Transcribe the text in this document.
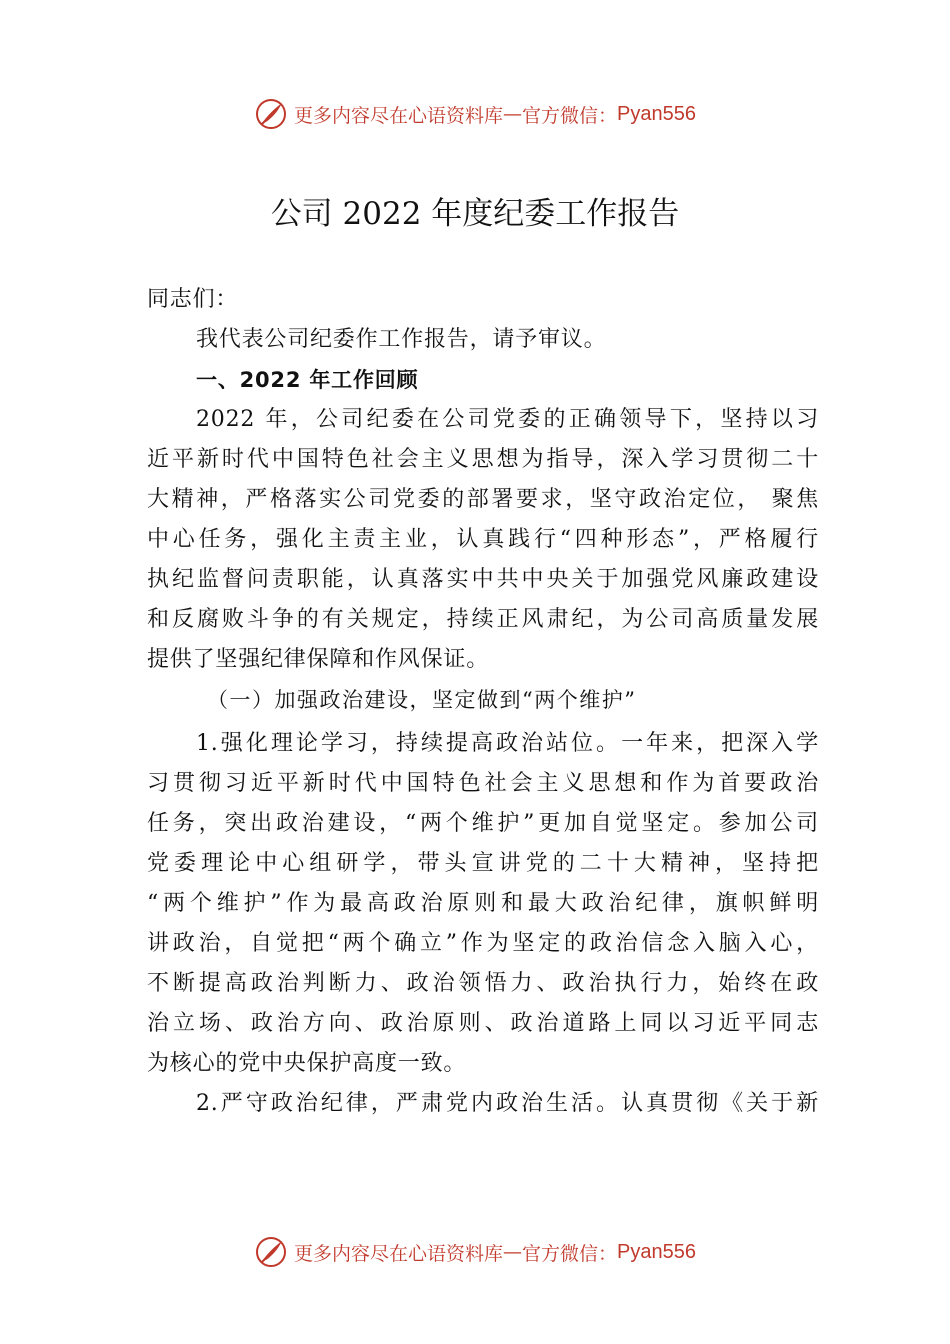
更多内容尽在心语资料库 — 官方微信： Pyan556
公司 2022 年度纪委工作报告
同志们：
我代表公司纪委作工作报告，请予审议。
一、2022 年工作回顾
2022 年，公司纪委在公司党委的正确领导下，坚持以习
近平新时代中国特色社会主义思想为指导，深入学习贯彻二十
大精神，严格落实公司党委的部署要求，坚守政治定位， 聚焦
中心任务，强化主责主业，认真践行“四种形态”，严格履行
执纪监督问责职能，认真落实中共中央关于加强党风廉政建设
和反腐败斗争的有关规定，持续正风肃纪，为公司高质量发展
提供了坚强纪律保障和作风保证。
（一）加强政治建设，坚定做到“两个维护”
1.强化理论学习，持续提高政治站位。一年来，把深入学
习贯彻习近平新时代中国特色社会主义思想和作为首要政治
任务，突出政治建设，“两个维护”更加自觉坚定。参加公司
党委理论中心组研学，带头宣讲党的二十大精神，坚持把
“两个维护”作为最高政治原则和最大政治纪律，旗帜鲜明
讲政治，自觉把“两个确立”作为坚定的政治信念入脑入心，
不断提高政治判断力、政治领悟力、政治执行力，始终在政
治立场、政治方向、政治原则、政治道路上同以习近平同志
为核心的党中央保护高度一致。
2.严守政治纪律，严肃党内政治生活。认真贯彻《关于新
更多内容尽在心语资料库 — 官方微信： Pyan556
